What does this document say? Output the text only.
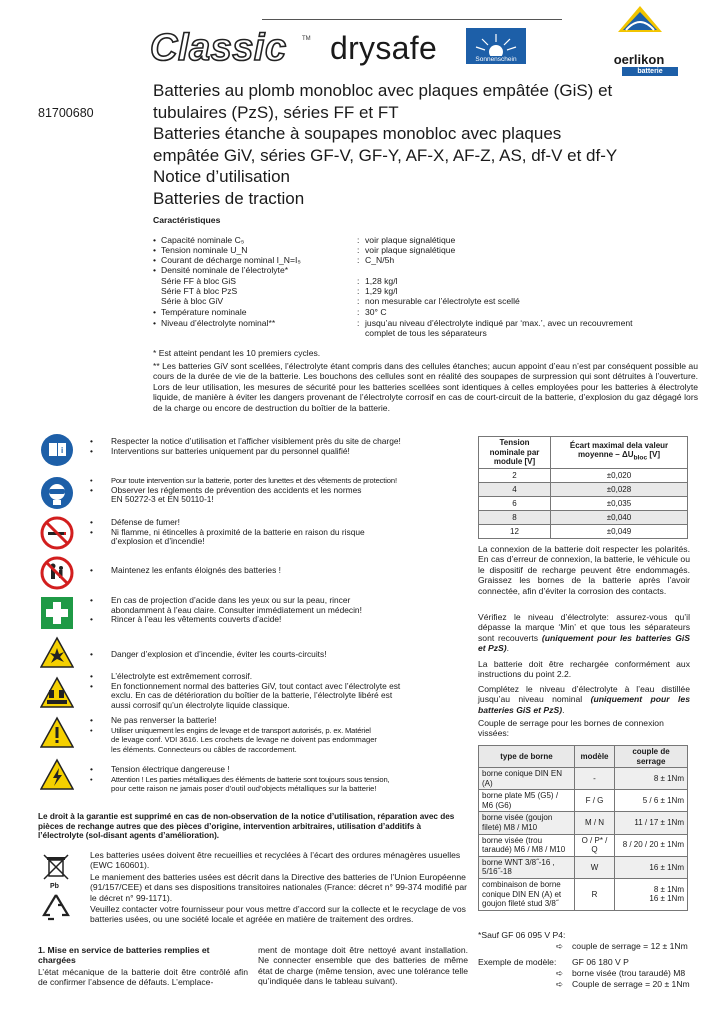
Classic	TM drysafe	Sonnenschein	oerlikon
batterie
81700680
Batteries au plomb monobloc avec plaques empâtée (GiS) et
tubulaires (PzS), séries FF et FT
Batteries étanche à soupapes monobloc avec plaques
empâtée GiV, séries GF-V, GF-Y, AF-X, AF-Z, AS, df-V et df-Y
Notice d’utilisation
Batteries de traction
Caractéristiques
• Capacité nominale C₅	: voir plaque signalétique
• Tension nominale U_N	: voir plaque signalétique
• Courant de décharge nominal I_N=I₅	: C_N/5h
• Densité nominale de l’électrolyte*
Série FF à bloc GiS	: 1,28 kg/l
Série FT à bloc PzS	: 1,29 kg/l
Série à bloc GiV	: non mesurable car l’électrolyte est scellé
• Température nominale	: 30° C
• Niveau d’électrolyte nominal**	: jusqu’au niveau d’électrolyte indiqué par ‘max.’, avec un recouvrement
complet de tous les séparateurs
* Est atteint pendant les 10 premiers cycles.
** Les batteries GiV sont scellées, l’électrolyte étant compris dans des cellules étanches; aucun appoint d’eau n’est par conséquent possible au cours de la durée de vie de la batterie. Les bouchons des cellules sont en réalité des soupapes de surpression qui sont détruites à l’ouverture. Lors de leur utilisation, les mesures de sécurité pour les batteries scellées sont identiques à celles employées pour les batteries à électrolyte liquide, de manière à éviter les dangers provenant de l’électrolyte corrosif en cas de court-circuit de la batterie, d’explosion du gaz dégagé lors de la charge ou encore de destruction du boîtier de la batterie.
i
• Respecter la notice d’utilisation et l’afficher visiblement près du site de charge!
• Interventions sur batteries uniquement par du personnel qualifié!
• Pour toute intervention sur la batterie, porter des lunettes et des vêtements de protection!
• Observer les réglements de prévention des accidents et les normes
EN 50272-3 et EN 50110-1!
• Défense de fumer!
• Ni flamme, ni étincelles à proximité de la batterie en raison du risque
d’explosion et d’incendie!
• Maintenez les enfants éloignés des batteries !
• En cas de projection d’acide dans les yeux ou sur la peau, rincer
abondamment à l’eau claire. Consulter immédiatement un médecin!
• Rincer à l’eau les vêtements couverts d’acide!
• Danger d’explosion et d’incendie, éviter les courts-circuits!
• L’électrolyte est extrêmement corrosif.
• En fonctionnement normal des batteries GiV, tout contact avec l’électrolyte est
exclu. En cas de détérioration du boîtier de la batterie, l’électrolyte libéré est
aussi corrosif qu’un électrolyte liquide classique.
• Ne pas renverser la batterie!
• Utiliser uniquement les engins de levage et de transport autorisés, p. ex. Matériel
de levage conf. VDI 3616. Les crochets de levage ne doivent pas endommager
les éléments. Connecteurs ou câbles de raccordement.
• Tension électrique dangereuse !
• Attention ! Les parties métalliques des éléments de batterie sont toujours sous tension,
pour cette raison ne jamais poser d’outil oud’objects métalliques sur la batterie!
Le droit à la garantie est supprimé en cas de non-observation de la notice d’utilisation, réparation avec des pièces de rechange autres que des pièces d’origine, intervention arbitraires, utilisation d’additifs à l’électrolyte (sol-disant agents d’amélioration).
Pb
Les batteries usées doivent être recueillies et recyclées à l’écart des ordures ménagères usuelles (EWC 160601).
Le maniement des batteries usées est décrit dans la Directive des batteries de l’Union Européenne (91/157/CEE) et dans ses dispositions transitoires nationales (France: décret n° 99-374 modifié par le décret n° 99-1171).
Veuillez contacter votre fournisseur pour vous mettre d’accord sur la collecte et le recyclage de vos batteries usées, ou une société locale et agréée en matière de traitement des ordres.
1. Mise en service de batteries remplies et chargées
L’état mécanique de la batterie doit être contrôlé afin de confirmer l’absence de défauts. L’emplace-
ment de montage doit être nettoyé avant installation. Ne connecter ensemble que des batteries de même état de charge (même tension, avec une tolérance telle qu’indiquée dans le tableau suivant).
Tension nominale par module [V]	Écart maximal dela valeur moyenne – $\Delta U_{bloc}$ [V]
2	±0,020
4	±0,028
6	±0,035
8	±0,040
12	±0,049
La connexion de la batterie doit respecter les polarités. En cas d’erreur de connexion, la batterie, le véhicule ou le dispositif de recharge peuvent être endommagés. Graissez les bornes de la batterie après l’avoir connectée, afin d’éviter la corrosion des contacts.
Vérifiez le niveau d’électrolyte: assurez-vous qu’il dépasse la marque ‘Min’ et que tous les séparateurs sont recouverts (uniquement pour les batteries GiS et PzS).
La batterie doit être rechargée conformément aux instructions du point 2.2.
Complétez le niveau d’électrolyte à l’eau distillée jusqu’au niveau nominal (uniquement pour les batteries GiS et PzS).
Couple de serrage pour les bornes de connexion vissées:
type de borne	modèle	couple de serrage
borne conique DIN EN (A)	-	8 ± 1Nm
borne plate M5 (G5) / M6 (G6)	F / G	5 / 6 ± 1Nm
borne visée (goujon fileté) M8 / M10	M / N	11 / 17 ± 1Nm
borne visée (trou taraudé) M6 / M8 / M10	O / P* / Q	8 / 20 / 20 ± 1Nm
borne WNT 3/8˝-16 , 5/16˝-18	W	16 ± 1Nm
combinaison de borne conique DIN EN (A) et goujon fileté stud 3/8˝	R	8 ± 1Nm
16 ± 1Nm
*Sauf GF 06 095 V P4:
➪ couple de serrage = 12 ± 1Nm
Exemple de modèle: GF 06 180 V P
➪ borne visée (trou taraudé) M8
➪ Couple de serrage = 20 ± 1Nm
